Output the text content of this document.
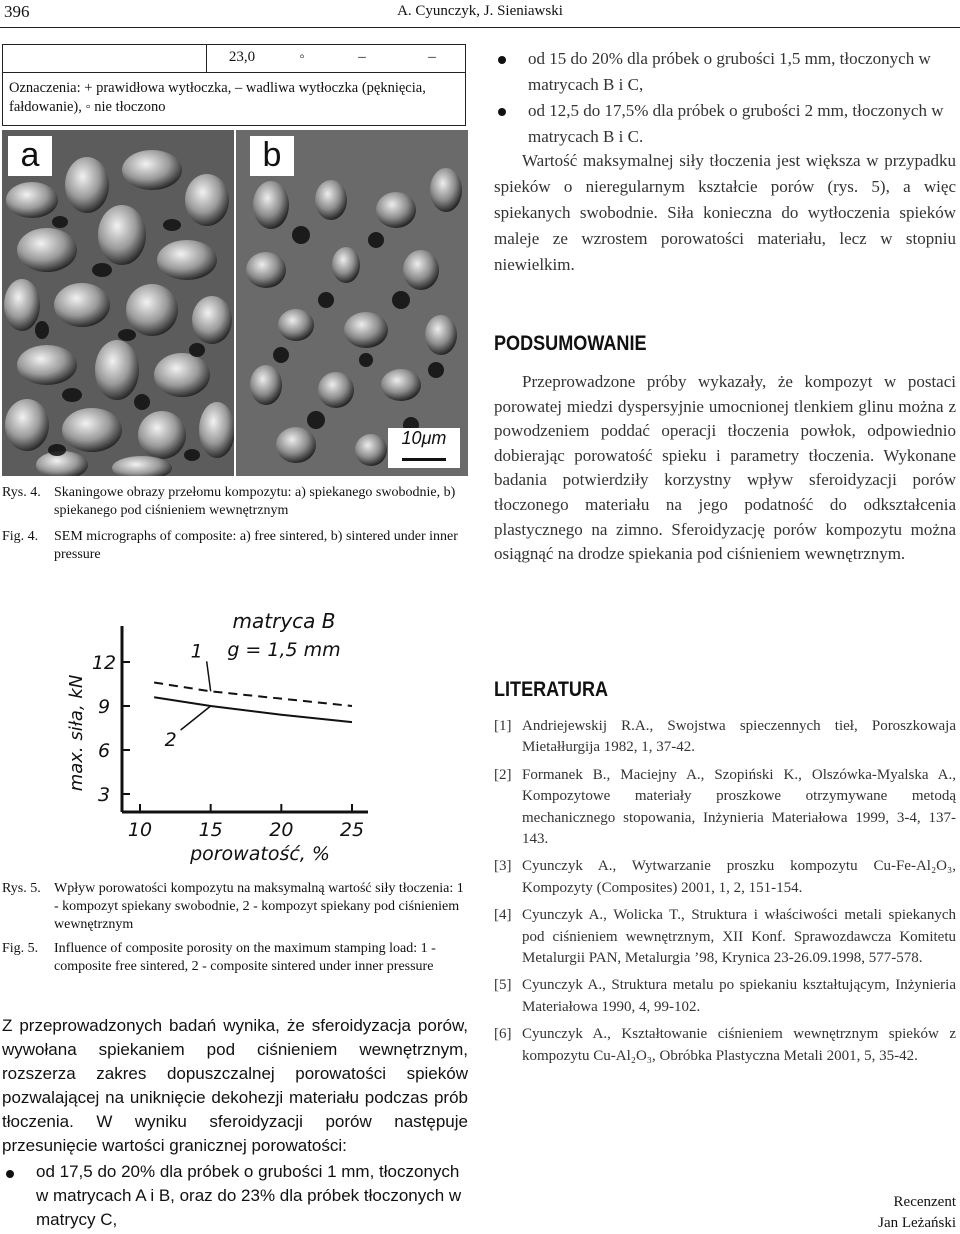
396	A. Cyunczyk, J. Sieniawski
23,0	◦	–	–
Oznaczenia: + prawidłowa wytłoczka, – wadliwa wytłoczka (pęknięcia, fałdowanie), ◦ nie tłoczono
a	b
10μm
Rys. 4. Skaningowe obrazy przełomu kompozytu: a) spiekanego swobodnie, b) spiekanego pod ciśnieniem wewnętrznym
Fig. 4.	SEM micrographs of composite: a) free sintered, b) sintered under inner pressure
matryca B
g = 1,5 mm
porowatość, %
max. siła, kN
10 15 20 25
3
6
9
12
1
2
Rys. 5. Wpływ porowatości kompozytu na maksymalną wartość siły tłoczenia: 1 - kompozyt spiekany swobodnie, 2 - kompozyt spiekany pod ciśnieniem wewnętrznym
Fig. 5.	Influence of composite porosity on the maximum stamping load: 1 - composite free sintered, 2 - composite sintered under inner pressure

Z przeprowadzonych badań wynika, że sferoidyzacja porów, wywołana spiekaniem pod ciśnieniem wewnętrznym, rozszerza zakres dopuszczalnej porowatości spieków pozwalającej na uniknięcie dekohezji materiału podczas prób tłoczenia. W wyniku sferoidyzacji porów następuje przesunięcie wartości granicznej porowatości:

od 17,5 do 20% dla próbek o grubości 1 mm, tłoczonych w matrycach A i B, oraz do 23% dla próbek tłoczonych w matrycy C,
od 15 do 20% dla próbek o grubości 1,5 mm, tłoczonych w matrycach B i C,
od 12,5 do 17,5% dla próbek o grubości 2 mm, tłoczonych w matrycach B i C.

Wartość maksymalnej siły tłoczenia jest większa w przypadku spieków o nieregularnym kształcie porów (rys. 5), a więc spiekanych swobodnie. Siła konieczna do wytłoczenia spieków maleje ze wzrostem porowatości materiału, lecz w stopniu niewielkim.

PODSUMOWANIE

Przeprowadzone próby wykazały, że kompozyt w postaci porowatej miedzi dyspersyjnie umocnionej tlenkiem glinu można z powodzeniem poddać operacji tłoczenia powłok, odpowiednio dobierając porowatość spieku i parametry tłoczenia. Wykonane badania potwierdziły korzystny wpływ sferoidyzacji porów tłoczonego materiału na jego podatność do odkształcenia plastycznego na zimno. Sferoidyzację porów kompozytu można osiągnąć na drodze spiekania pod ciśnieniem wewnętrznym.

LITERATURA
[1] Andriejewskij R.A., Swojstwa spieczennych tieł, Poroszkowaja Mietałłurgija 1982, 1, 37-42.
[2] Formanek B., Maciejny A., Szopiński K., Olszówka-Myalska A., Kompozytowe materiały proszkowe otrzymywane metodą mechanicznego stopowania, Inżynieria Materiałowa 1999, 3-4, 137-143.
[3] Cyunczyk A., Wytwarzanie proszku kompozytu Cu-Fe-Al₂O₃, Kompozyty (Composites) 2001, 1, 2, 151-154.
[4] Cyunczyk A., Wolicka T., Struktura i właściwości metali spiekanych pod ciśnieniem wewnętrznym, XII Konf. Sprawozdawcza Komitetu Metalurgii PAN, Metalurgia ’98, Krynica 23-26.09.1998, 577-578.
[5] Cyunczyk A., Struktura metalu po spiekaniu kształtującym, Inżynieria Materiałowa 1990, 4, 99-102.
[6] Cyunczyk A., Kształtowanie ciśnieniem wewnętrznym spieków z kompozytu Cu-Al₂O₃, Obróbka Plastyczna Metali 2001, 5, 35-42.
Recenzent
Jan Leżański
